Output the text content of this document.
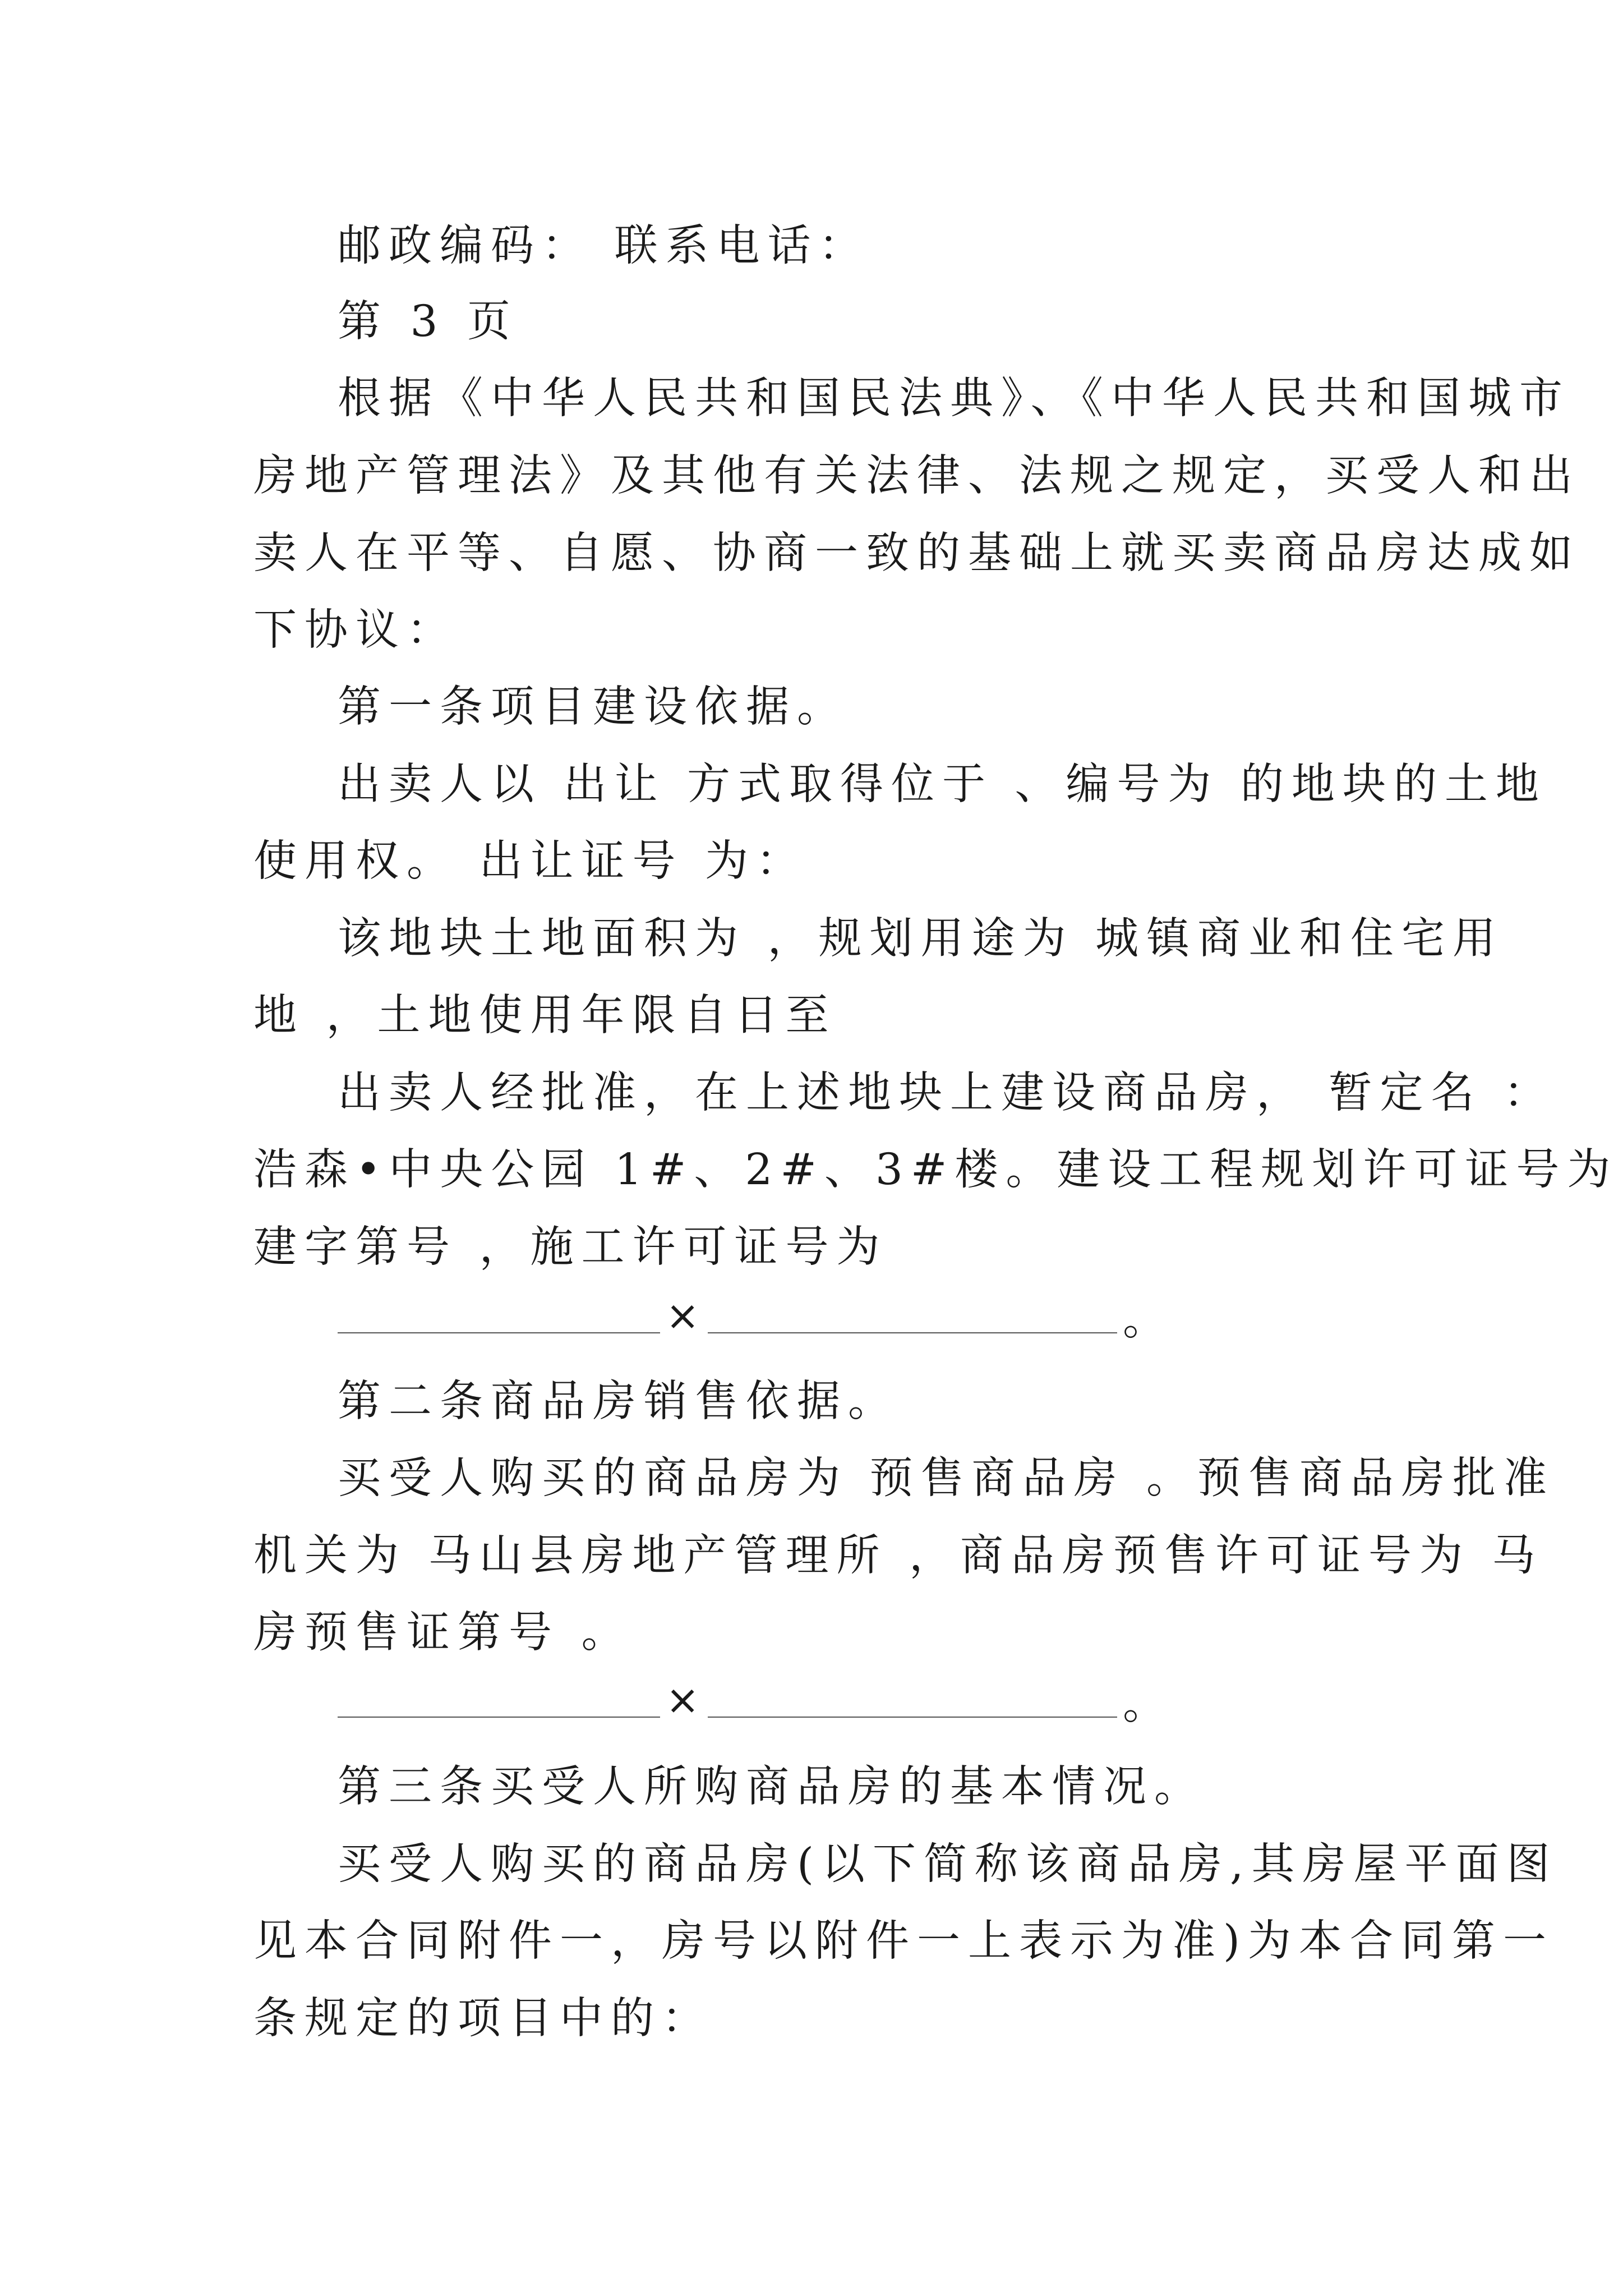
邮政编码： 联系电话：
第 3 页
根据《中华人民共和国民法典》、《中华人民共和国城市
房地产管理法》及其他有关法律、法规之规定，买受人和出
卖人在平等、自愿、协商一致的基础上就买卖商品房达成如
下协议：
第一条项目建设依据。
出卖人以 出让 方式取得位于 、编号为 的地块的土地
使用权。 出让证号 为：
该地块土地面积为 ，规划用途为 城镇商业和住宅用
地 ，土地使用年限自日至
出卖人经批准，在上述地块上建设商品房， 暂定名 ：
浩森•中央公园 1#、2#、3#楼。建设工程规划许可证号为
建字第号 ，施工许可证号为
×	。
第二条商品房销售依据。
买受人购买的商品房为 预售商品房 。预售商品房批准
机关为 马山县房地产管理所 ，商品房预售许可证号为 马
房预售证第号 。
×	。
第三条买受人所购商品房的基本情况。
买受人购买的商品房(以下简称该商品房,其房屋平面图
见本合同附件一，房号以附件一上表示为准)为本合同第一
条规定的项目中的：
